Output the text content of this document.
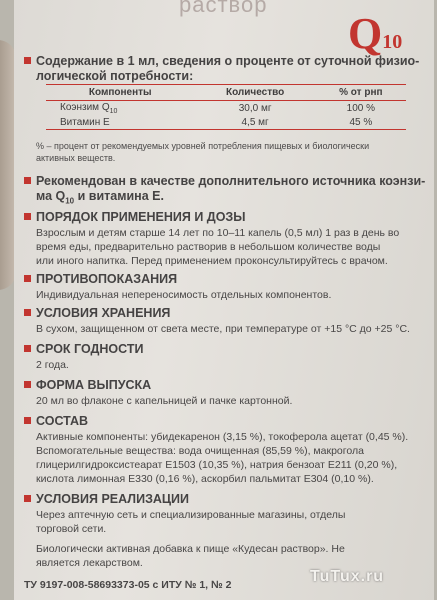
раствор
Q10
Содержание в 1 мл, сведения о проценте от суточной физио-
логической потребности:
Компоненты	Количество	% от рнп
Коэнзим $Q_{10}$	30,0 мг	100 %
Витамин Е	4,5 мг	45 %
% – процент от рекомендуемых уровней потребления пищевых и биологически
активных веществ.
Рекомендован в качестве дополнительного источника коэнзи-
ма $Q_{10}$ и витамина Е.
ПОРЯДОК ПРИМЕНЕНИЯ И ДОЗЫ
Взрослым и детям старше 14 лет по 10–11 капель (0,5 мл) 1 раз в день во
время еды, предварительно растворив в небольшом количестве воды
или иного напитка. Перед применением проконсультируйтесь с врачом.
ПРОТИВОПОКАЗАНИЯ
Индивидуальная непереносимость отдельных компонентов.
УСЛОВИЯ ХРАНЕНИЯ
В сухом, защищенном от света месте, при температуре от +15 °С до +25 °С.
СРОК ГОДНОСТИ
2 года.
ФОРМА ВЫПУСКА
20 мл во флаконе с капельницей и пачке картонной.
СОСТАВ
Активные компоненты: убидекаренон (3,15 %), токоферола ацетат (0,45 %).
Вспомогательные вещества: вода очищенная (85,59 %), макрогола
глицерилгидроксистеарат Е1503 (10,35 %), натрия бензоат Е211 (0,20 %),
кислота лимонная Е330 (0,16 %), аскорбил пальмитат Е304 (0,10 %).
УСЛОВИЯ РЕАЛИЗАЦИИ
Через аптечную сеть и специализированные магазины, отделы
торговой сети.
Биологически активная добавка к пище «Кудесан раствор». Не
является лекарством.
ТУ 9197-008-58693373-05 с ИТУ № 1, № 2	TuTux.ru
